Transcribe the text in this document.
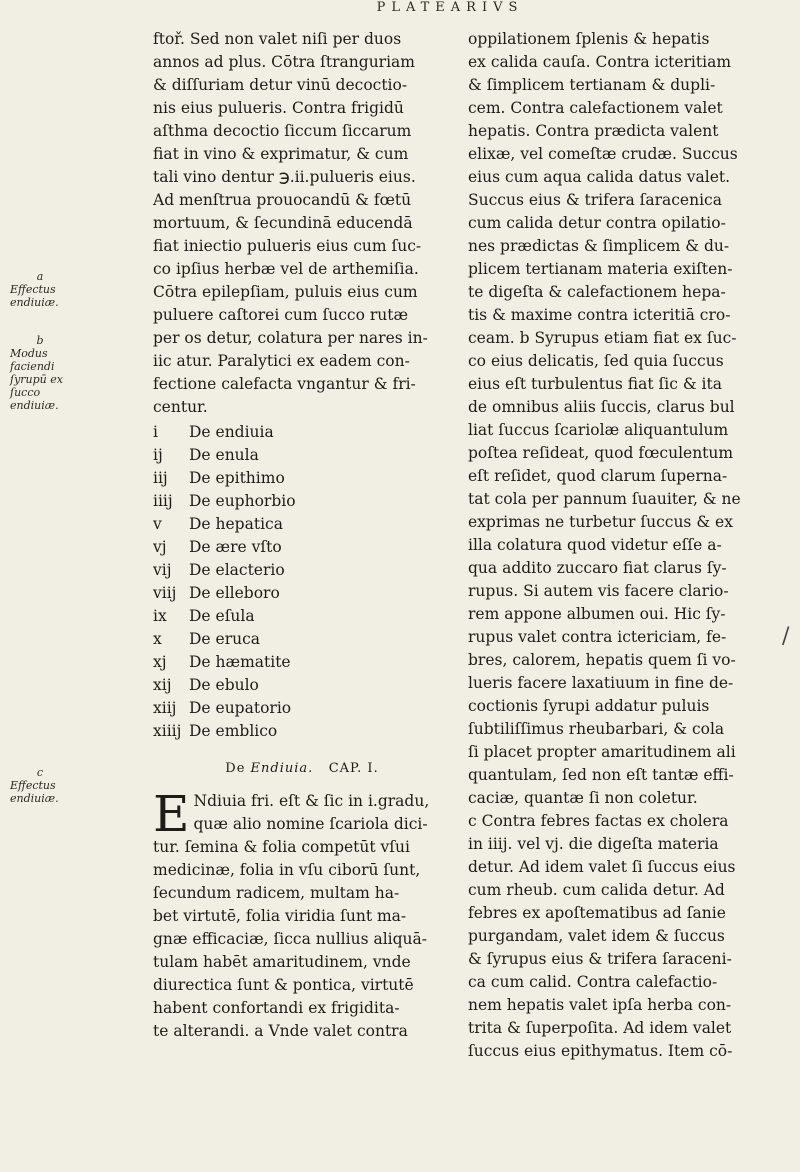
PLATEARIVS
a
Effectus endiuiæ.
b
Modus faciendi ſyrupū ex ſucco endiuiæ.
c
Effectus endiuiæ.
ftoř. Sed non valet niſi per duos
annos ad plus. Cōtra ſtranguriam
& diſſuriam detur vinū decoctio-
nis eius pulueris. Contra frigidū
aſthma decoctio ſiccum ſiccarum
fiat in vino & exprimatur, & cum
tali vino dentur ℈.ii.pulueris eius.
Ad menſtrua prouocandū & fœtū
mortuum, & ſecundinā educendā
fiat iniectio pulueris eius cum ſuc-
co ipſius herbæ vel de arthemiſia.
Cōtra epilepſiam, puluis eius cum
puluere caſtorei cum ſucco rutæ
per os detur, colatura per nares in-
iic atur. Paralytici ex eadem con-
fectione calefacta vngantur & fri-
centur.
i	De endiuia
ij	De enula
iij	De epithimo
iiij	De euphorbio
v	De hepatica
vj	De ære vſto
vij	De elacterio
viij De elleboro
ix	De eſula
x	De eruca
xj	De hæmatite
xij	De ebulo
xiij De eupatorio
xiiij De emblico
De Endiuia. CAP. I.
E Ndiuia fri. eſt & ſic in i.gradu,
quæ alio nomine ſcariola dici-
tur. ſemina & folia competūt vſui
medicinæ, folia in vſu ciborū ſunt,
ſecundum radicem, multam ha-
bet virtutē, folia viridia ſunt ma-
gnæ efficaciæ, ſicca nullius aliquā-
tulam habēt amaritudinem, vnde
diurectica ſunt & pontica, virtutē
habent confortandi ex frigidita-
te alterandi. a Vnde valet contra
oppilationem ſplenis & hepatis
ex calida cauſa. Contra icteritiam
& ſimplicem tertianam & dupli-
cem. Contra calefactionem valet
hepatis. Contra prædicta valent
elixæ, vel comeſtæ crudæ. Succus
eius cum aqua calida datus valet.
Succus eius & trifera ſaracenica
cum calida detur contra opilatio-
nes prædictas & ſimplicem & du-
plicem tertianam materia exiſten-
te digeſta & calefactionem hepa-
tis & maxime contra icteritiā cro-
ceam. b Syrupus etiam fiat ex ſuc-
co eius delicatis, ſed quia ſuccus
eius eſt turbulentus fiat ſic & ita
de omnibus aliis ſuccis, clarus bul
liat ſuccus ſcariolæ aliquantulum
poſtea reſideat, quod fœculentum
eſt reſidet, quod clarum ſuperna-
tat cola per pannum ſuauiter, & ne
exprimas ne turbetur ſuccus & ex
illa colatura quod videtur eſſe a-
qua addito zuccaro fiat clarus ſy-
rupus. Si autem vis facere clario-
rem appone albumen oui. Hic ſy-
rupus valet contra ictericiam, fe-
bres, calorem, hepatis quem ſi vo-
lueris facere laxatiuum in fine de-
coctionis ſyrupi addatur puluis
ſubtiliſſimus rheubarbari, & cola
ſi placet propter amaritudinem ali
quantulam, ſed non eſt tantæ effi-
caciæ, quantæ ſi non coletur.
c Contra febres factas ex cholera
in iiij. vel vj. die digeſta materia
detur. Ad idem valet ſi ſuccus eius
cum rheub. cum calida detur. Ad
febres ex apoſtematibus ad ſanie
purgandam, valet idem & ſuccus
& ſyrupus eius & trifera ſaraceni-
ca cum calid. Contra calefactio-
nem hepatis valet ipſa herba con-
trita & ſuperpoſita. Ad idem valet
ſuccus eius epithymatus. Item cō-
/
